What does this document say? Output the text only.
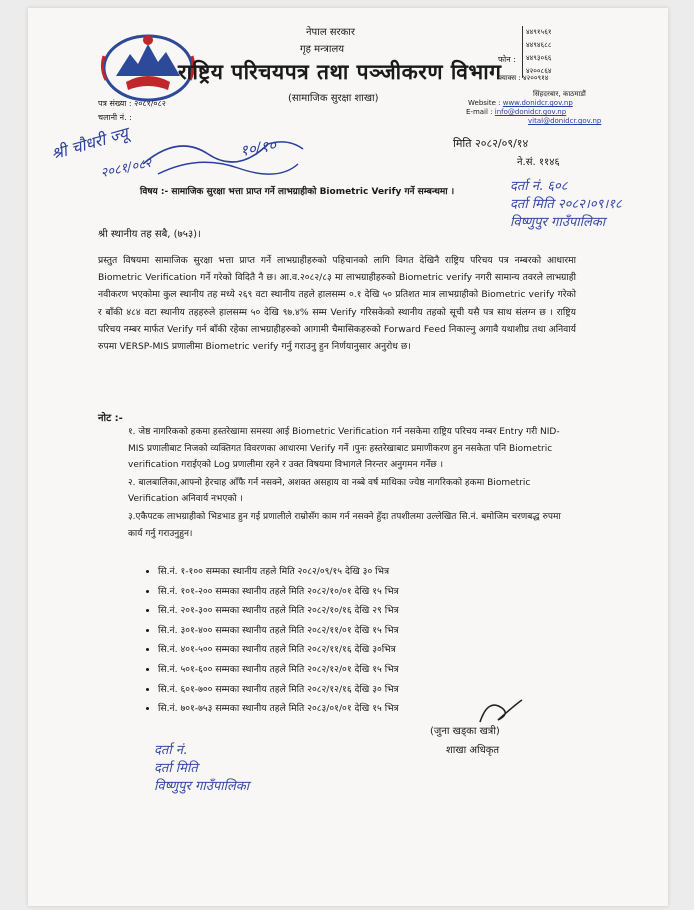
नेपाल सरकार
गृह मन्त्रालय
राष्ट्रिय परिचयपत्र तथा पञ्जीकरण विभाग
(सामाजिक सुरक्षा शाखा)
फोन :
४४९१५६१
४४९४६८८
४४९३०६६
४२००८६४
फ्याक्स : ४२००९१४
सिंहदरबार, काठमाडौं
Website : www.donidcr.gov.np
E-mail : info@donidcr.gov.np
vital@donidcr.gov.np
पत्र संख्या : २०८१/०८२
चलानी नं. :
श्री चौधरी ज्यू
२०८१/०८२
१०/१०	मिति २०८२/०९/१४
ने.सं. ११४६
दर्ता नं. ६०८
दर्ता मिति २०८२।०९।१८
विष्णुपुर गाउँपालिका
विषय :- सामाजिक सुरक्षा भत्ता प्राप्त गर्ने लाभग्राहीको Biometric Verify गर्ने सम्बन्धमा ।
श्री स्थानीय तह सबै, (७५३)।

प्रस्तुत विषयमा सामाजिक सुरक्षा भत्ता प्राप्त गर्ने लाभग्राहीहरुको पहिचानको लागि विगत देखिनै राष्ट्रिय परिचय पत्र नम्बरको आधारमा Biometric Verification गर्ने गरेको विदितै नै छ। आ.व.२०८२/८३ मा लाभग्राहीहरुको Biometric verify नगरी सामान्य तवरले लाभग्राही नवीकरण भएकोमा कुल स्थानीय तह मध्ये २६९ वटा स्थानीय तहले हालसम्म ०.१ देखि ५० प्रतिशत मात्र लाभग्राहीको Biometric verify गरेको र बाँकी ४८४ वटा स्थानीय तहहरुले हालसम्म ५० देखि ९७.४% सम्म Verify गरिसकेको स्थानीय तहको सूची यसै पत्र साथ संलग्न छ । राष्ट्रिय परिचय नम्बर मार्फत Verify गर्न बाँकी रहेका लाभग्राहीहरुको आगामी चैमासिकहरुको Forward Feed निकाल्नु अगावै यथाशीघ्र तथा अनिवार्य रुपमा VERSP-MIS प्रणालीमा Biometric verify गर्नु गराउनु हुन निर्णयानुसार अनुरोध छ।

नोट :-

१. जेष्ठ नागरिकको हकमा हस्तरेखामा समस्या आई Biometric Verification गर्न नसकेमा राष्ट्रिय परिचय नम्बर Entry गरी NID-MIS प्रणालीबाट निजको व्यक्तिगत विवरणका आधारमा Verify गर्ने ।पुनः हस्तरेखाबाट प्रमाणीकरण हुन नसकेता पनि Biometric verification गराईएको Log प्रणालीमा रहने र उक्त विषयमा विभागले निरन्तर अनुगमन गर्नेछ ।

२. बालबालिका,आफ्नो हेरचाह आँफै गर्न नसक्ने, अशक्त असहाय वा नब्बे वर्ष माथिका ज्येष्ठ नागरिकको हकमा Biometric Verification अनिवार्य नभएको ।

३.एकैपटक लाभग्राहीको भिडभाड हुन गई प्रणालीले राम्रोसँग काम गर्न नसक्ने हुँदा तपशीलमा उल्लेखित सि.नं. बमोजिम चरणबद्ध रुपमा कार्य गर्नु गराउनुहुन।

• सि.नं. १-१०० सम्मका स्थानीय तहले मिति २०८२/०९/१५ देखि ३० भित्र
• सि.नं. १०१-२०० सम्मका स्थानीय तहले मिति २०८२/१०/०१ देखि १५ भित्र
• सि.नं. २०१-३०० सम्मका स्थानीय तहले मिति २०८२/१०/१६ देखि २९ भित्र
• सि.नं. ३०१-४०० सम्मका स्थानीय तहले मिति २०८२/११/०१ देखि १५ भित्र
• सि.नं. ४०१-५०० सम्मका स्थानीय तहले मिति २०८२/११/१६ देखि ३०भित्र
• सि.नं. ५०१-६०० सम्मका स्थानीय तहले मिति २०८२/१२/०१ देखि १५ भित्र
• सि.नं. ६०१-७०० सम्मका स्थानीय तहले मिति २०८२/१२/१६ देखि ३० भित्र
• सि.नं. ७०१-७५३ सम्मका स्थानीय तहले मिति २०८३/०१/०१ देखि १५ भित्र
(जुना खड्का खत्री)
शाखा अधिकृत
दर्ता नं.
दर्ता मिति
विष्णुपुर गाउँपालिका
